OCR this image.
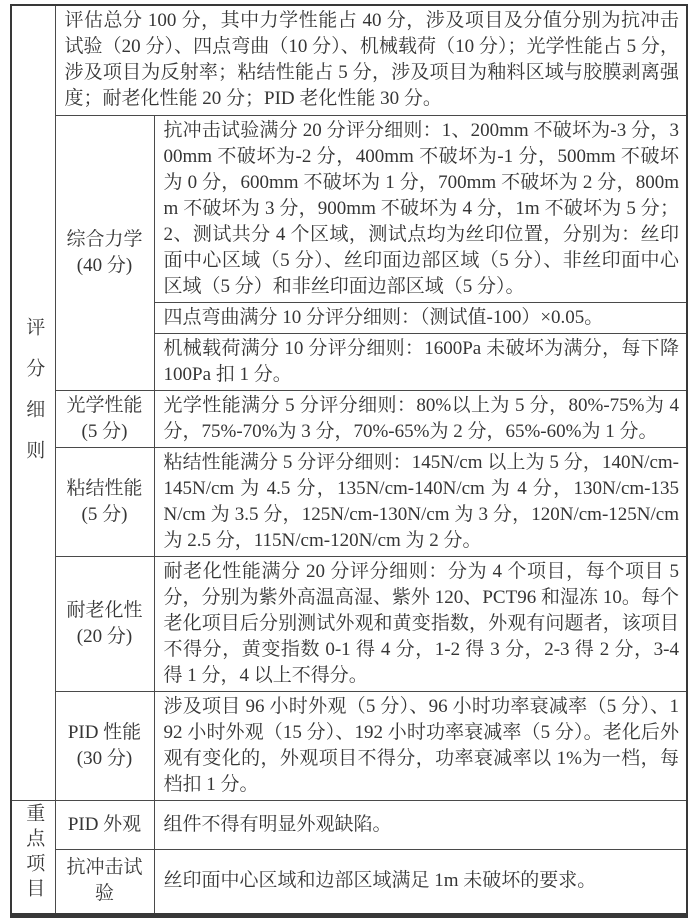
评分细则	评估总分 100 分，其中力学性能占 40 分，涉及项目及分值分别为抗冲击试验（20 分）、四点弯曲（10 分）、机械载荷（10 分）；光学性能占 5 分，涉及项目为反射率；粘结性能占 5 分，涉及项目为釉料区域与胶膜剥离强度；耐老化性能 20 分；PID 老化性能 30 分。	

	综合力学
(40 分)	抗冲击试验满分 20 分评分细则：1、200mm 不破坏为-3 分，300mm 不破坏为-2 分，400mm 不破坏为-1 分，500mm 不破坏为 0 分，600mm 不破坏为 1 分，700mm 不破坏为 2 分，800mm 不破坏为 3 分，900mm 不破坏为 4 分，1m 不破坏为 5 分；2、测试共分 4 个区域，测试点均为丝印位置，分别为：丝印面中心区域（5 分）、丝印面边部区域（5 分）、非丝印面中心区域（5 分）和非丝印面边部区域（5 分）。
		四点弯曲满分 10 分评分细则：（测试值-100）×0.05。
		机械载荷满分 10 分评分细则：1600Pa 未破坏为满分，每下降 100Pa 扣 1 分。

	光学性能
(5 分)	光学性能满分 5 分评分细则：80%以上为 5 分，80%-75%为 4 分，75%-70%为 3 分，70%-65%为 2 分，65%-60%为 1 分。

	粘结性能
(5 分)	粘结性能满分 5 分评分细则：145N/cm 以上为 5 分，140N/cm-145N/cm 为 4.5 分，135N/cm-140N/cm 为 4 分，130N/cm-135N/cm 为 3.5 分，125N/cm-130N/cm 为 3 分，120N/cm-125N/cm 为 2.5 分，115N/cm-120N/cm 为 2 分。

	耐老化性
(20 分)	耐老化性能满分 20 分评分细则：分为 4 个项目，每个项目 5 分，分别为紫外高温高湿、紫外 120、PCT96 和湿冻 10。每个老化项目后分别测试外观和黄变指数，外观有问题者，该项目不得分，黄变指数 0-1 得 4 分，1-2 得 3 分，2-3 得 2 分，3-4 得 1 分，4 以上不得分。

	PID 性能
(30 分)	涉及项目 96 小时外观（5 分）、96 小时功率衰减率（5 分）、192 小时外观（15 分）、192 小时功率衰减率（5 分）。老化后外观有变化的，外观项目不得分，功率衰减率以 1%为一档，每档扣 1 分。
重点项目	PID 外观	组件不得有明显外观缺陷。

	抗冲击试验	丝印面中心区域和边部区域满足 1m 未破坏的要求。
